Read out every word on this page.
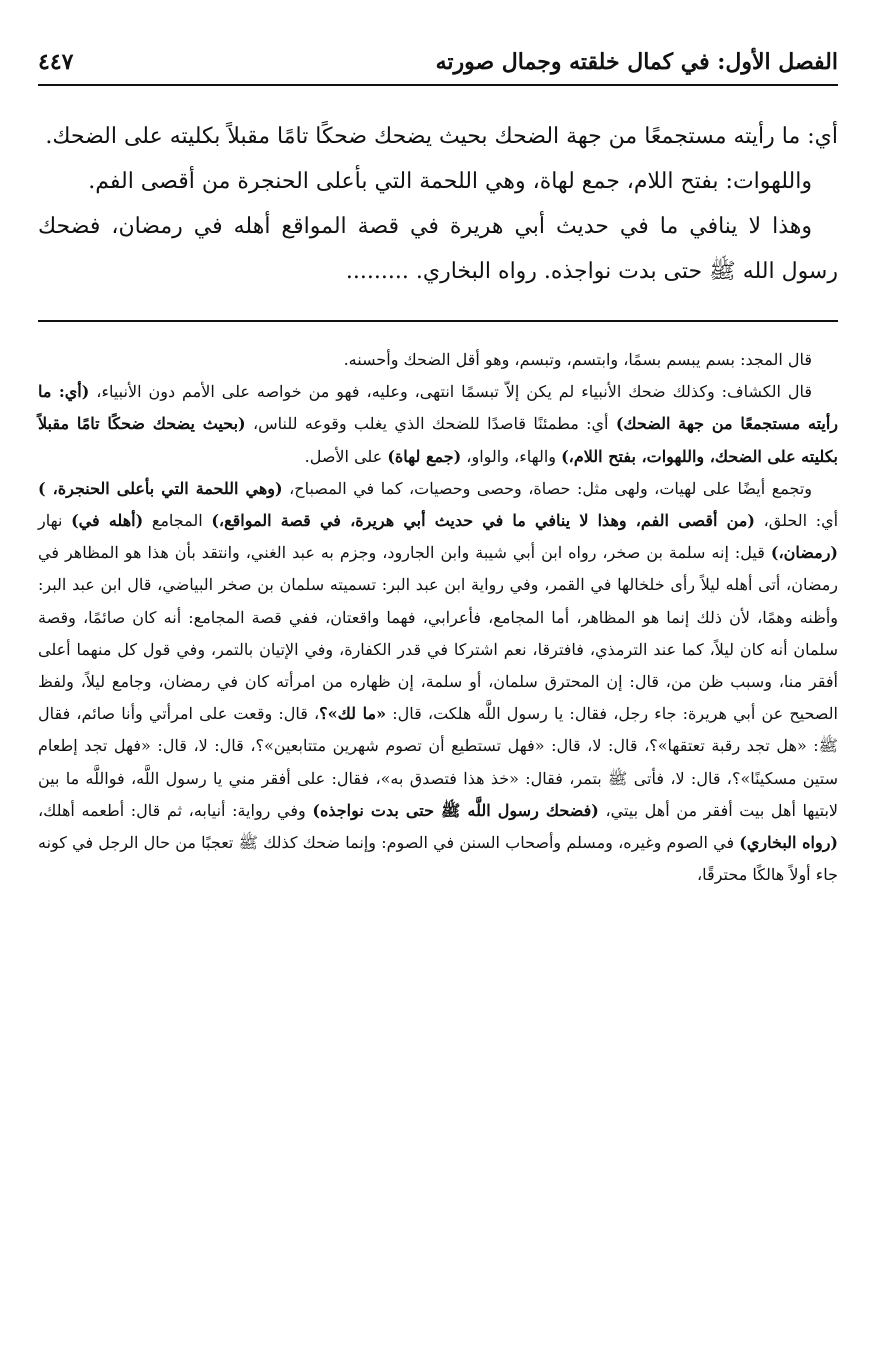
الفصل الأول: في كمال خلقته وجمال صورته
٤٤٧

أي: ما رأيته مستجمعًا من جهة الضحك بحيث يضحك ضحكًا تامًا مقبلاً بكليته على الضحك.

واللهوات: بفتح اللام، جمع لهاة، وهي اللحمة التي بأعلى الحنجرة من أقصى الفم.

وهذا لا ينافي ما في حديث أبي هريرة في قصة المواقع أهله في رمضان، فضحك رسول الله ﷺ حتى بدت نواجذه. رواه البخاري. .........

قال المجد: بسم يبسم بسمًا، وابتسم، وتبسم، وهو أقل الضحك وأحسنه.

قال الكشاف: وكذلك ضحك الأنبياء لم يكن إلاّ تبسمًا انتهى، وعليه، فهو من خواصه على الأمم دون الأنبياء، (أي: ما رأيته مستجمعًا من جهة الضحك) أي: مطمئنًا قاصدًا للضحك الذي يغلب وقوعه للناس، (بحيث يضحك ضحكًا تامًا مقبلاً بكليته على الضحك، واللهوات، بفتح اللام،) والهاء، والواو، (جمع لهاة) على الأصل.

وتجمع أيضًا على لهيات، ولهى مثل: حصاة، وحصى وحصيات، كما في المصباح، (وهي اللحمة التي بأعلى الحنجرة، ) أي: الحلق، (من أقصى الفم، وهذا لا ينافي ما في حديث أبي هريرة، في قصة المواقع،) المجامع (أهله في) نهار (رمضان،) قيل: إنه سلمة بن صخر، رواه ابن أبي شيبة وابن الجارود، وجزم به عبد الغني، وانتقد بأن هذا هو المظاهر في رمضان، أتى أهله ليلاً رأى خلخالها في القمر، وفي رواية ابن عبد البر: تسميته سلمان بن صخر البياضي، قال ابن عبد البر: وأظنه وهمًا، لأن ذلك إنما هو المظاهر، أما المجامع، فأعرابي، فهما واقعتان، ففي قصة المجامع: أنه كان صائمًا، وقصة سلمان أنه كان ليلاً، كما عند الترمذي، فافترقا، نعم اشتركا في قدر الكفارة، وفي الإتيان بالتمر، وفي قول كل منهما أعلى أفقر منا، وسبب ظن من، قال: إن المحترق سلمان، أو سلمة، إن ظهاره من امرأته كان في رمضان، وجامع ليلاً، ولفظ الصحيح عن أبي هريرة: جاء رجل، فقال: يا رسول اللَّه هلكت، قال: «ما لك»؟، قال: وقعت على امرأتي وأنا صائم، فقال ﷺ: «هل تجد رقبة تعتقها»؟، قال: لا، قال: «فهل تستطيع أن تصوم شهرين متتابعين»؟، قال: لا، قال: «فهل تجد إطعام ستين مسكينًا»؟، قال: لا، فأتى ﷺ بتمر، فقال: «خذ هذا فتصدق به»، فقال: على أفقر مني يا رسول اللَّه، فواللَّه ما بين لابتيها أهل بيت أفقر من أهل بيتي، (فضحك رسول اللَّه ﷺ حتى بدت نواجذه) وفي رواية: أنيابه، ثم قال: أطعمه أهلك، (رواه البخاري) في الصوم وغيره، ومسلم وأصحاب السنن في الصوم: وإنما ضحك كذلك ﷺ تعجبًا من حال الرجل في كونه جاء أولاً هالكًا محترقًا،
